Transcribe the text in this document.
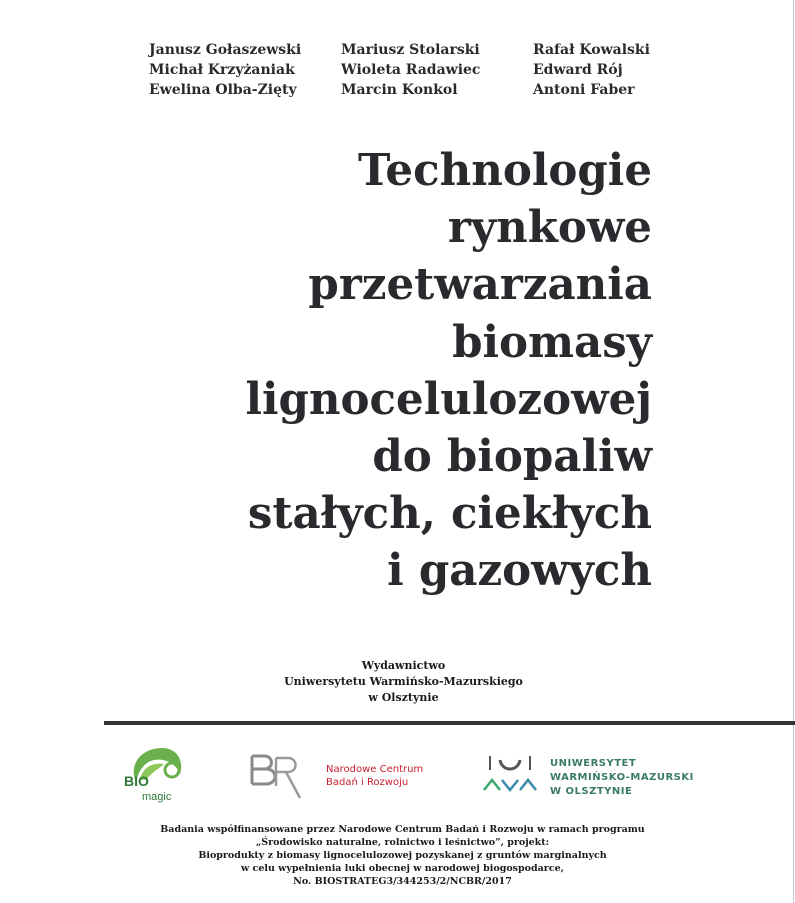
Janusz Gołaszewski
Michał Krzyżaniak
Ewelina Olba-Zięty
Mariusz Stolarski
Wioleta Radawiec
Marcin Konkol
Rafał Kowalski
Edward Rój
Antoni Faber
Technologie
rynkowe
przetwarzania
biomasy
lignocelulozowej
do biopaliw
stałych, ciekłych
i gazowych
Wydawnictwo
Uniwersytetu Warmińsko-Mazurskiego
w Olsztynie
BIO
magic
Narodowe Centrum
Badań i Rozwoju
UNIWERSYTET
WARMIŃSKO-MAZURSKI
W OLSZTYNIE
Badania współfinansowane przez Narodowe Centrum Badań i Rozwoju w ramach programu
„Środowisko naturalne, rolnictwo i leśnictwo”, projekt:
Bioprodukty z biomasy lignocelulozowej pozyskanej z gruntów marginalnych
w celu wypełnienia luki obecnej w narodowej biogospodarce,
No. BIOSTRATEG3/344253/2/NCBR/2017
